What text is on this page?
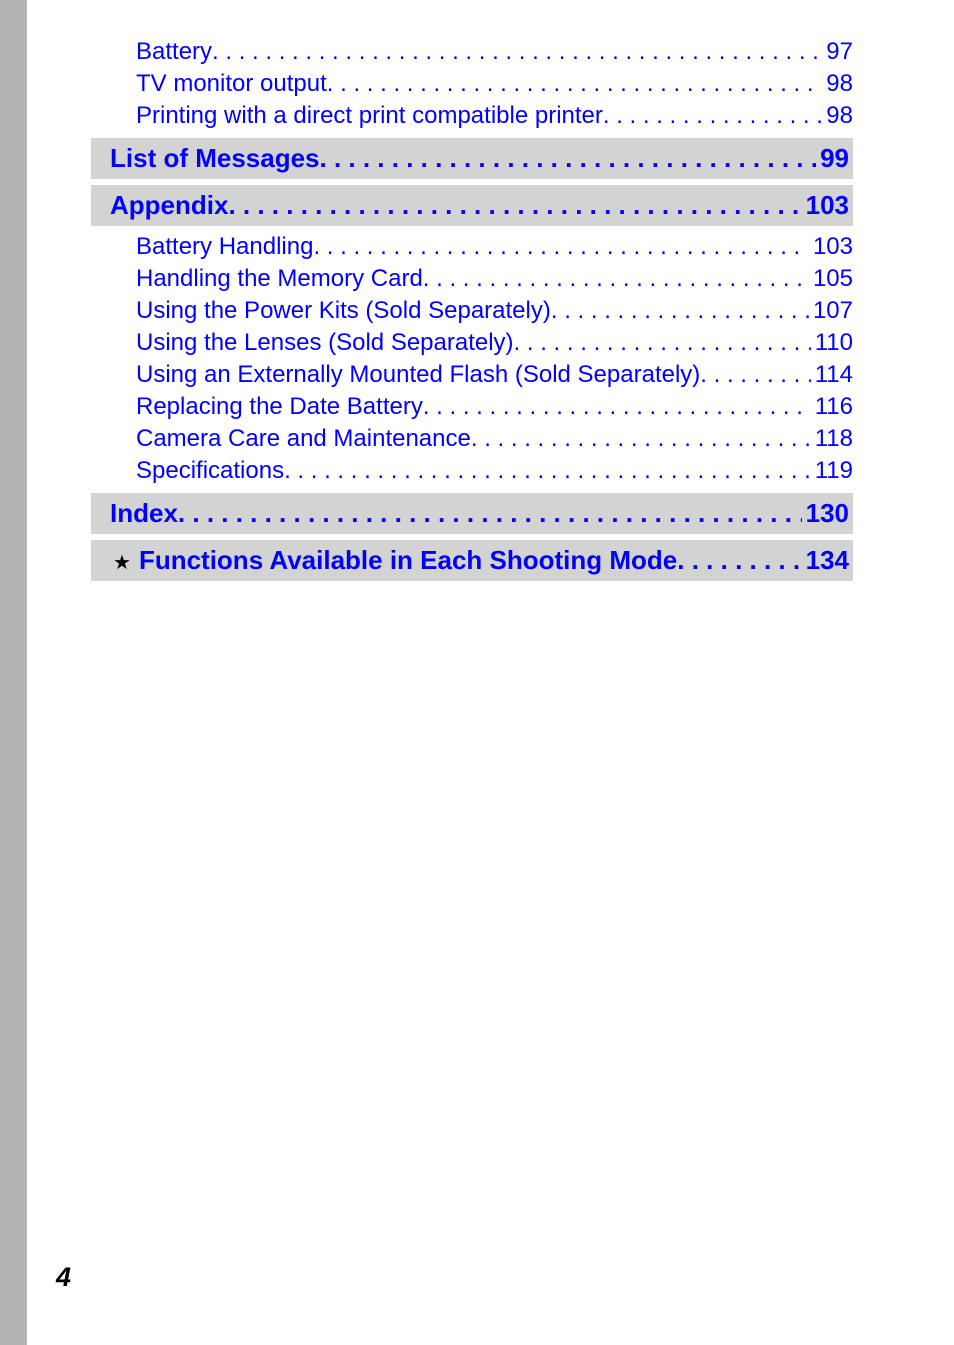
Battery . . .	97
TV monitor output . . .	98
Printing with a direct print compatible printer . . .	98
List of Messages . . .	99
Appendix . . .	103
Battery Handling . . .	103
Handling the Memory Card . . .	105
Using the Power Kits (Sold Separately) . . .	107
Using the Lenses (Sold Separately) . . .	110
Using an Externally Mounted Flash (Sold Separately) . . .	114
Replacing the Date Battery . . .	116
Camera Care and Maintenance . . .	118
Specifications . . .	119
Index . . .	130
★ Functions Available in Each Shooting Mode . . .	134
4
